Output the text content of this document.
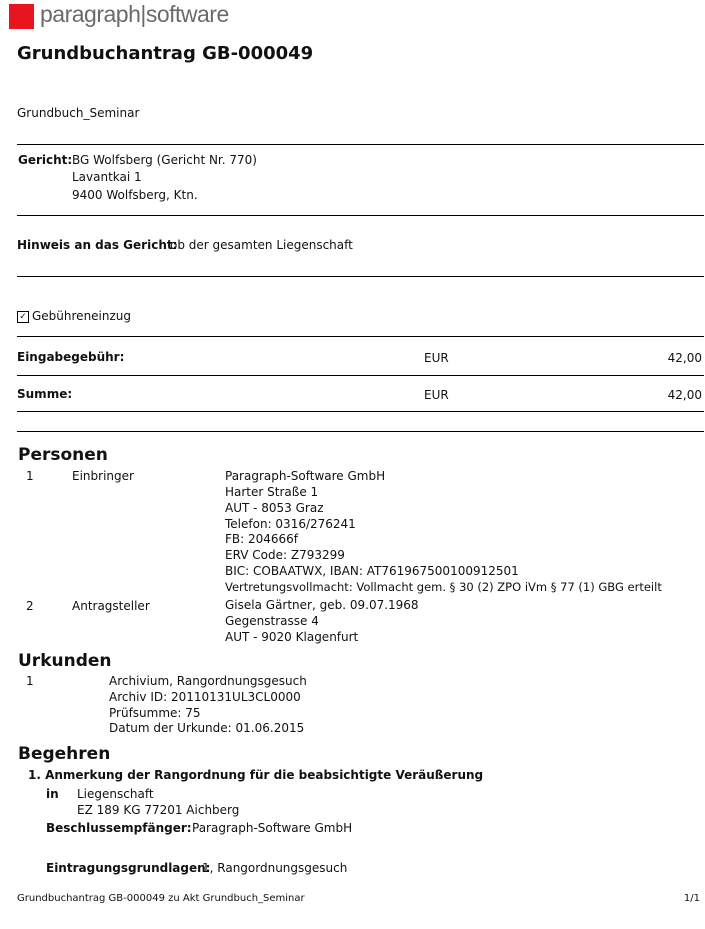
paragraph|software
Grundbuchantrag GB-000049
Grundbuch_Seminar
Gericht: BG Wolfsberg (Gericht Nr. 770)
Lavantkai 1
9400 Wolfsberg, Ktn.
Hinweis an das Gericht:
ob der gesamten Liegenschaft
✓ Gebühreneinzug
Eingabegebühr:	EUR	42,00
Summe:	EUR	42,00
Personen
1	Einbringer	Paragraph-Software GmbH
Harter Straße 1
AUT - 8053 Graz
Telefon: 0316/276241
FB: 204666f
ERV Code: Z793299
BIC: COBAATWX, IBAN: AT761967500100912501
Vertretungsvollmacht: Vollmacht gem. § 30 (2) ZPO iVm § 77 (1) GBG erteilt
2	Antragsteller	Gisela Gärtner, geb. 09.07.1968
Gegenstrasse 4
AUT - 9020 Klagenfurt
Urkunden
1	Archivium, Rangordnungsgesuch
Archiv ID: 20110131UL3CL0000
Prüfsumme: 75
Datum der Urkunde: 01.06.2015
Begehren
1. Anmerkung der Rangordnung für die beabsichtigte Veräußerung
in Liegenschaft
EZ 189 KG 77201 Aichberg
Beschlussempfänger: Paragraph-Software GmbH
Eintragungsgrundlagen:
1, Rangordnungsgesuch
Grundbuchantrag GB-000049 zu Akt Grundbuch_Seminar	1/1
